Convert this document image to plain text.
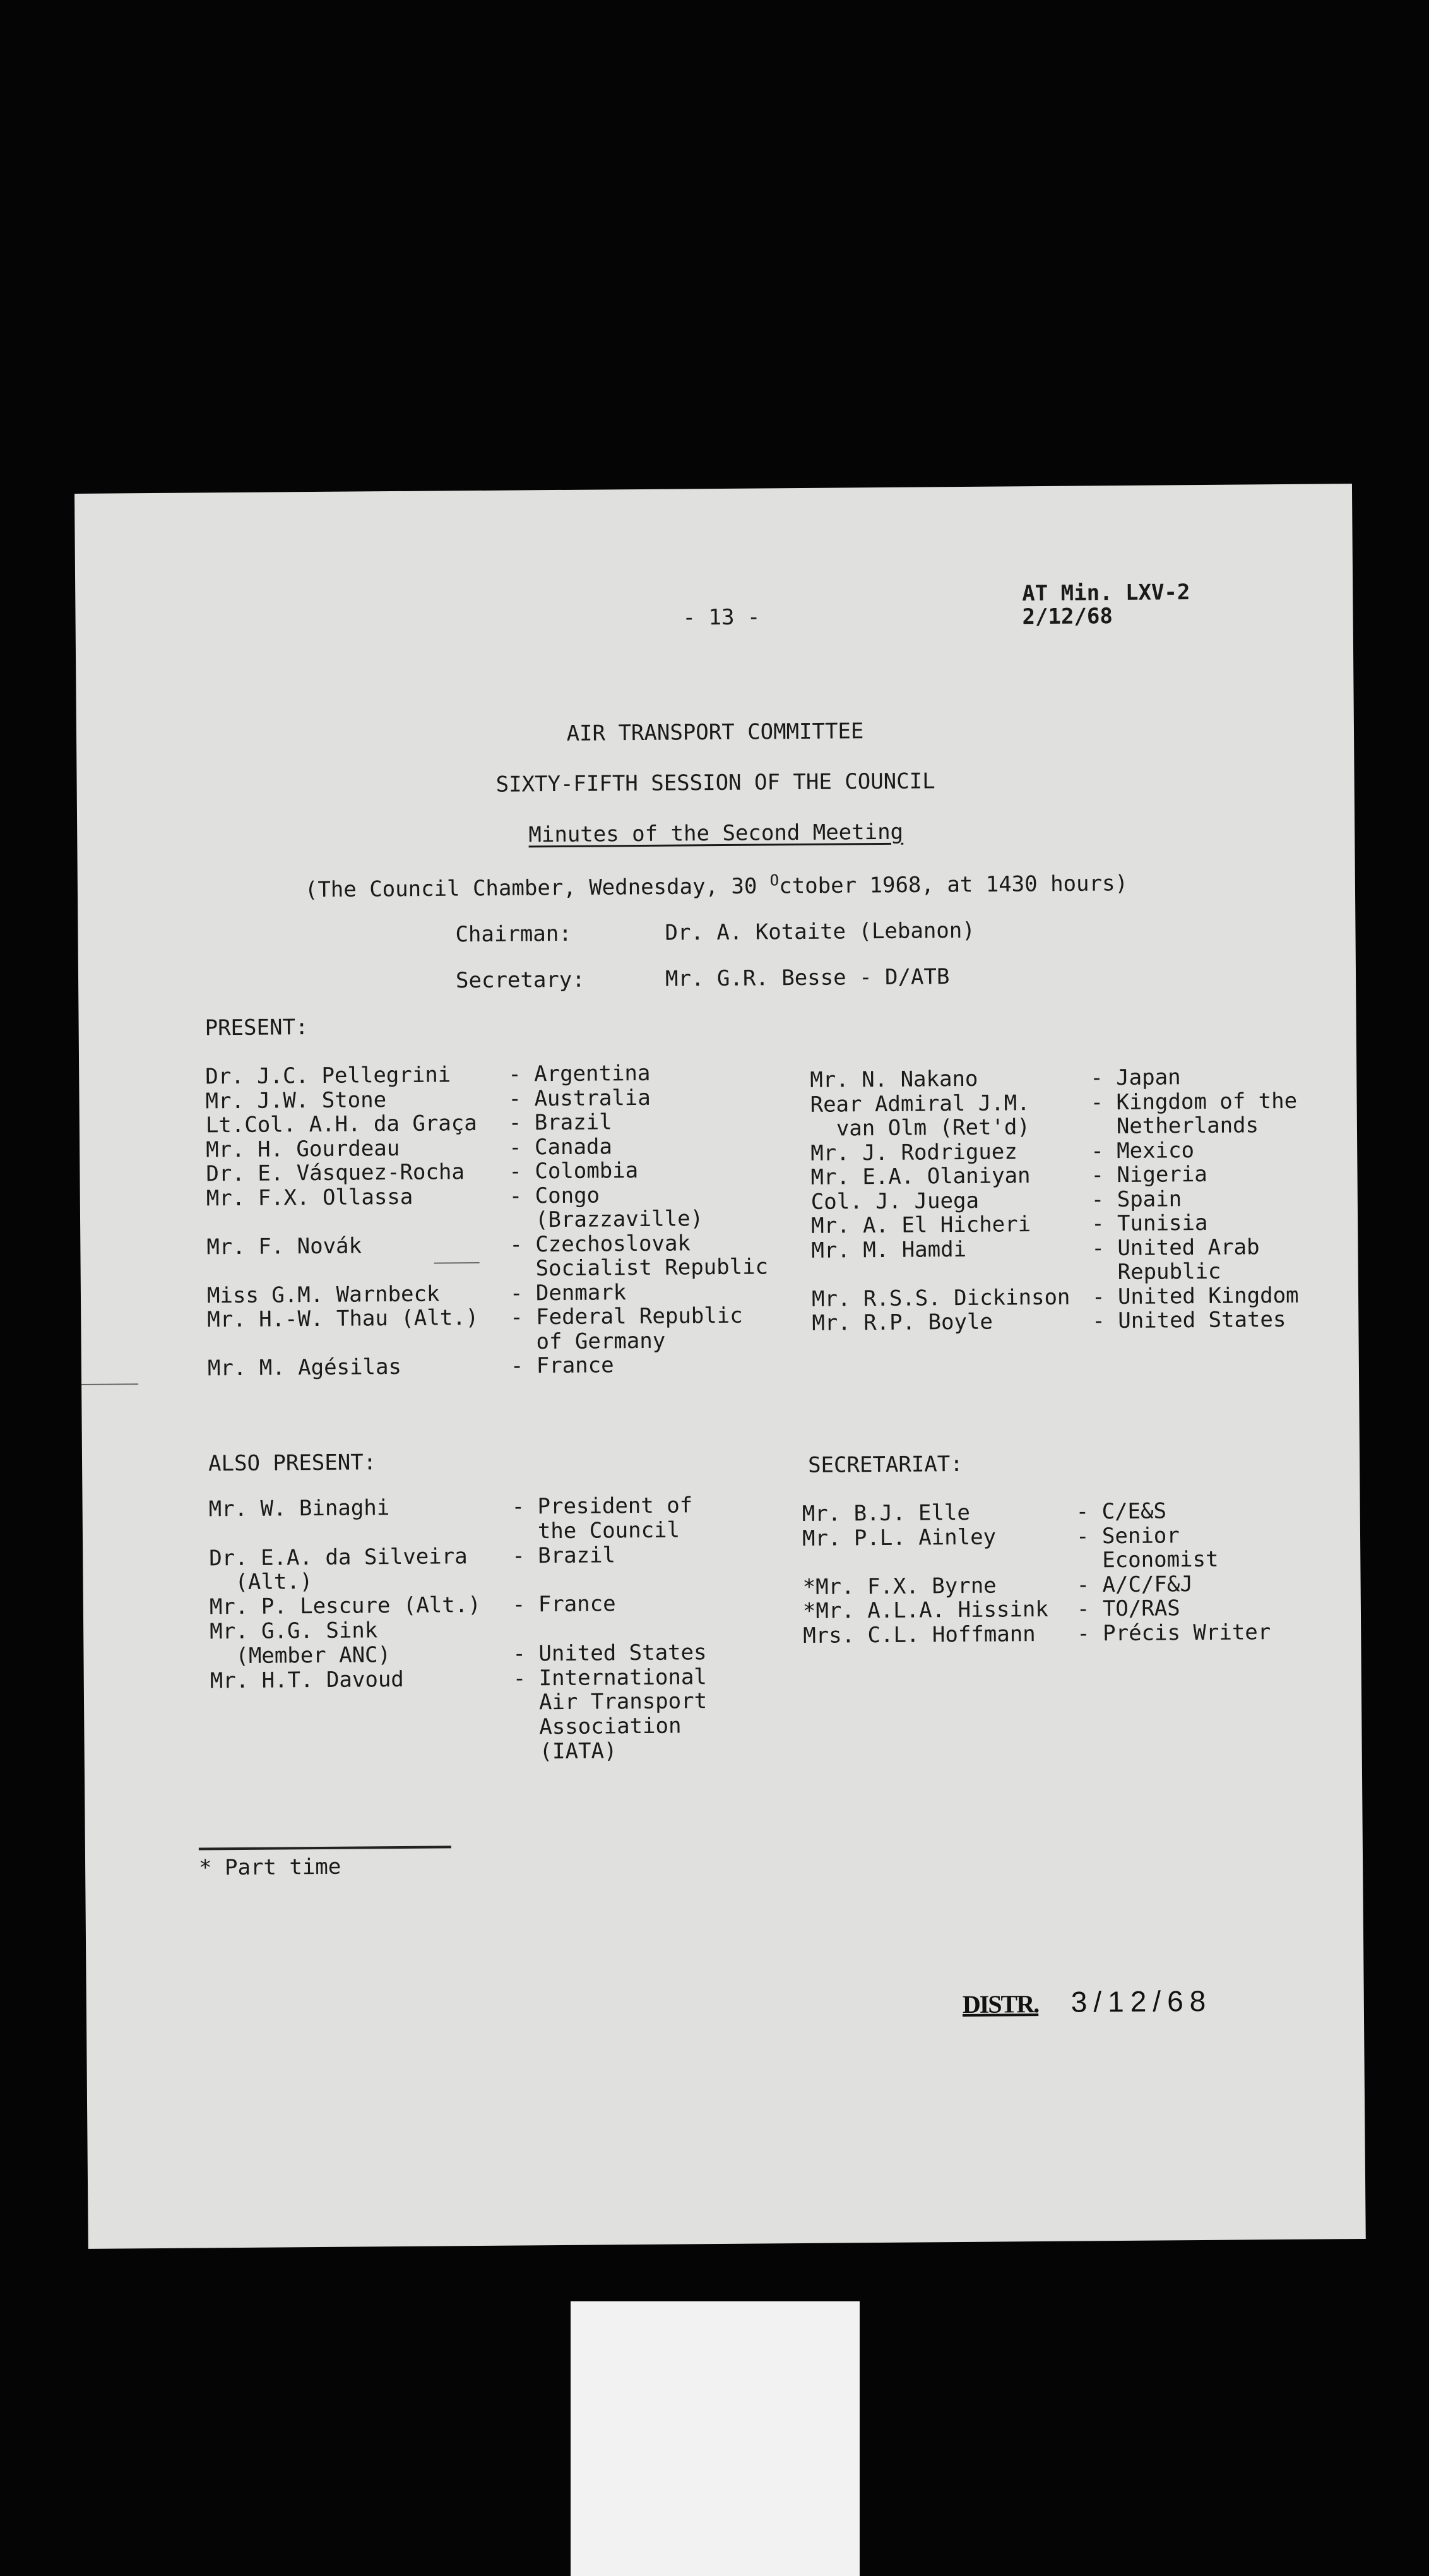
- 13 -
AT Min. LXV-2
2/12/68
AIR TRANSPORT COMMITTEE
SIXTY-FIFTH SESSION OF THE COUNCIL
Minutes of the Second Meeting
(The Council Chamber, Wednesday, 30 $^O$ctober 1968, at 1430 hours)
Chairman:	Dr. A. Kotaite (Lebanon)
Secretary:	Mr. G.R. Besse - D/ATB
PRESENT:
Dr. J.C. Pellegrini
Mr. J.W. Stone
Lt.Col. A.H. da Graça
Mr. H. Gourdeau
Dr. E. Vásquez-Rocha
Mr. F.X. Ollassa
Mr. F. Novák
Miss G.M. Warnbeck
Mr. H.-W. Thau (Alt.)
Mr. M. Agésilas
- Argentina
- Australia
- Brazil
- Canada
- Colombia
- Congo
(Brazzaville)
- Czechoslovak
Socialist Republic
- Denmark
- Federal Republic
of Germany
- France
Mr. N. Nakano
Rear Admiral J.M.
van Olm (Ret'd)
Mr. J. Rodriguez
Mr. E.A. Olaniyan
Col. J. Juega
Mr. A. El Hicheri
Mr. M. Hamdi
Mr. R.S.S. Dickinson
Mr. R.P. Boyle
- Japan
- Kingdom of the
Netherlands
- Mexico
- Nigeria
- Spain
- Tunisia
- United Arab
Republic
- United Kingdom
- United States
ALSO PRESENT:
Mr. W. Binaghi
Dr. E.A. da Silveira
(Alt.)
Mr. P. Lescure (Alt.)
Mr. G.G. Sink
(Member ANC)
Mr. H.T. Davoud
- President of
the Council
- Brazil
- France
- United States
- International
Air Transport
Association
(IATA)
SECRETARIAT:
Mr. B.J. Elle
Mr. P.L. Ainley
*Mr. F.X. Byrne
*Mr. A.L.A. Hissink
Mrs. C.L. Hoffmann
- C/E&S
- Senior
Economist
- A/C/F&J
- TO/RAS
- Précis Writer
* Part time
DISTR. 3/12/68
